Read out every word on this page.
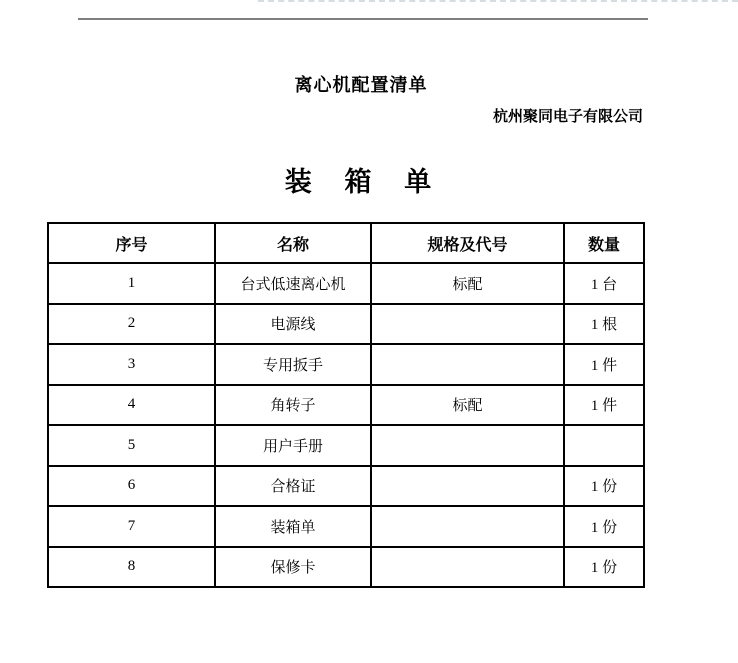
离心机配置清单
杭州聚同电子有限公司
装 箱 单
序号	名称	规格及代号	数量
1	台式低速离心机	标配	1 台
2	电源线		1 根
3	专用扳手		1 件
4	角转子	标配	1 件
5	用户手册		
6	合格证		1 份
7	装箱单		1 份
8	保修卡		1 份
